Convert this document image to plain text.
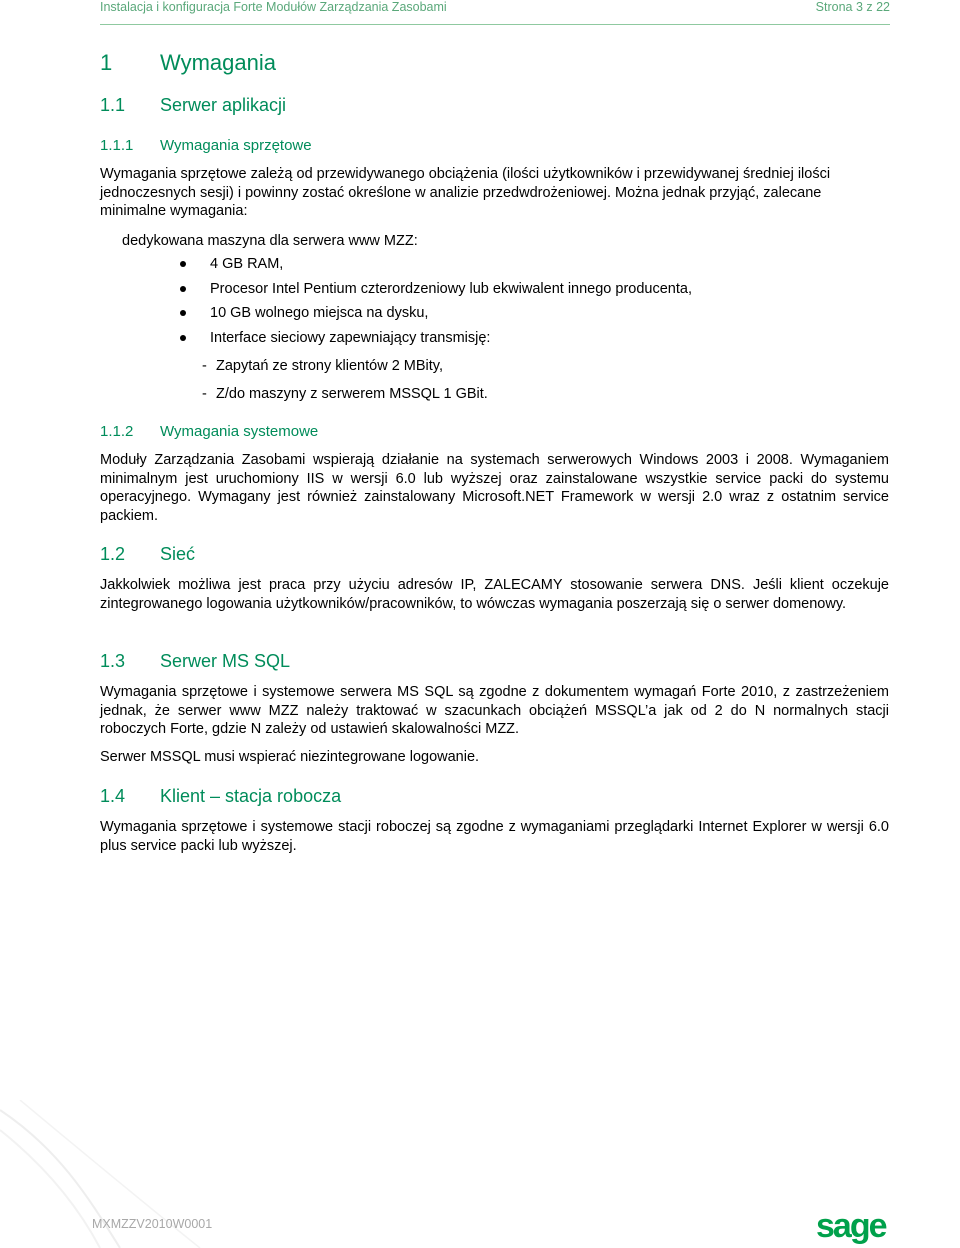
Instalacja i konfiguracja Forte Modułów Zarządzania Zasobami	Strona 3 z 22
1 Wymagania
1.1 Serwer aplikacji
1.1.1 Wymagania sprzętowe

Wymagania sprzętowe zależą od przewidywanego obciążenia (ilości użytkowników i przewidywanej średniej ilości jednoczesnych sesji) i powinny zostać określone w analizie przedwdrożeniowej. Można jednak przyjąć, zalecane minimalne wymagania:

dedykowana maszyna dla serwera www MZZ:

4 GB RAM,
Procesor Intel Pentium czterordzeniowy lub ekwiwalent innego producenta,
10 GB wolnego miejsca na dysku,
Interface sieciowy zapewniający transmisję:
- Zapytań ze strony klientów 2 MBity,
- Z/do maszyny z serwerem MSSQL 1 GBit.
1.1.2 Wymagania systemowe

Moduły Zarządzania Zasobami wspierają działanie na systemach serwerowych Windows 2003 i 2008. Wymaganiem minimalnym jest uruchomiony IIS w wersji 6.0 lub wyższej oraz zainstalowane wszystkie service packi do systemu operacyjnego. Wymagany jest również zainstalowany Microsoft.NET Framework w wersji 2.0 wraz z ostatnim service packiem.

1.2 Sieć

Jakkolwiek możliwa jest praca przy użyciu adresów IP, ZALECAMY stosowanie serwera DNS. Jeśli klient oczekuje zintegrowanego logowania użytkowników/pracowników, to wówczas wymagania poszerzają się o serwer domenowy.

1.3 Serwer MS SQL

Wymagania sprzętowe i systemowe serwera MS SQL są zgodne z dokumentem wymagań Forte 2010, z zastrzeżeniem jednak, że serwer www MZZ należy traktować w szacunkach obciążeń MSSQL’a jak od 2 do N normalnych stacji roboczych Forte, gdzie N zależy od ustawień skalowalności MZZ.

Serwer MSSQL musi wspierać niezintegrowane logowanie.

1.4 Klient – stacja robocza

Wymagania sprzętowe i systemowe stacji roboczej są zgodne z wymaganiami przeglądarki Internet Explorer w wersji 6.0 plus service packi lub wyższej.

MXMZZV2010W0001	sage
